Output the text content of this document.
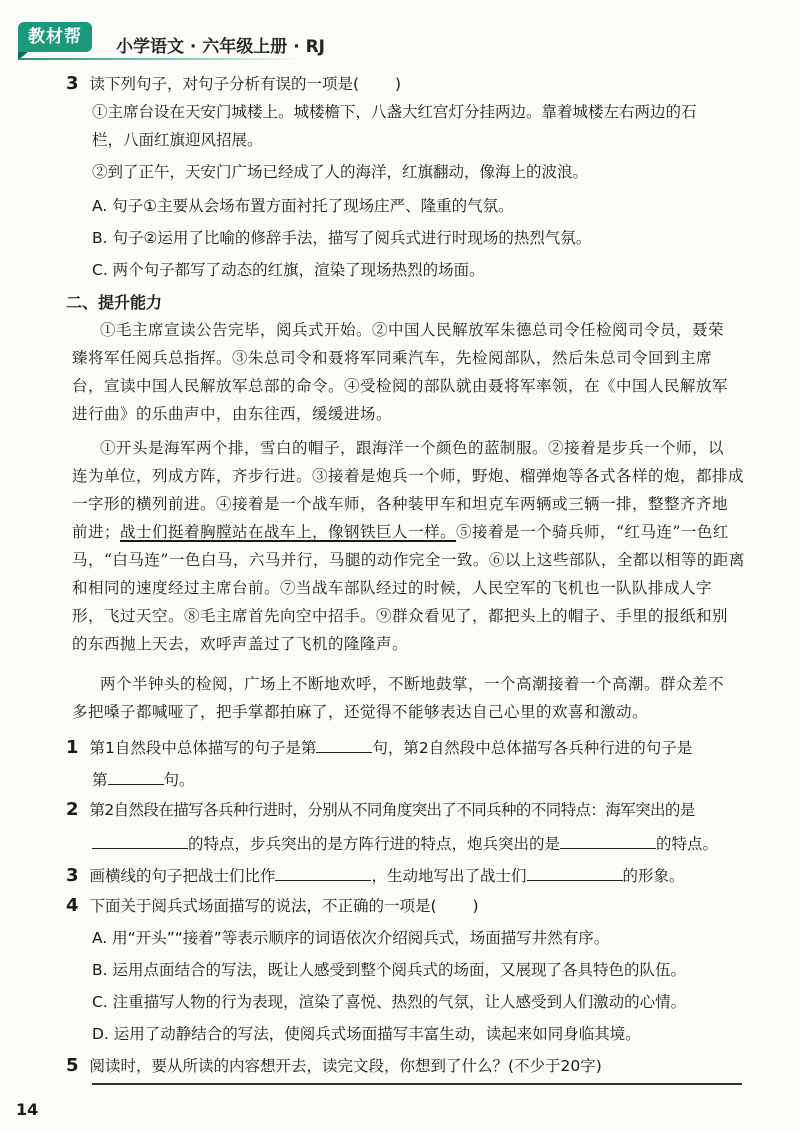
教材帮	小学语文 · 六年级上册 · RJ
3 读下列句子，对句子分析有误的一项是( )
①主席台设在天安门城楼上。城楼檐下，八盏大红宫灯分挂两边。靠着城楼左右两边的石
栏，八面红旗迎风招展。
②到了正午，天安门广场已经成了人的海洋，红旗翻动，像海上的波浪。
A. 句子①主要从会场布置方面衬托了现场庄严、隆重的气氛。
B. 句子②运用了比喻的修辞手法，描写了阅兵式进行时现场的热烈气氛。
C. 两个句子都写了动态的红旗，渲染了现场热烈的场面。
二、提升能力
①毛主席宣读公告完毕，阅兵式开始。②中国人民解放军朱德总司令任检阅司令员，聂荣
臻将军任阅兵总指挥。③朱总司令和聂将军同乘汽车，先检阅部队，然后朱总司令回到主席
台，宣读中国人民解放军总部的命令。④受检阅的部队就由聂将军率领，在《中国人民解放军
进行曲》的乐曲声中，由东往西，缓缓进场。
①开头是海军两个排，雪白的帽子，跟海洋一个颜色的蓝制服。②接着是步兵一个师，以
连为单位，列成方阵，齐步行进。③接着是炮兵一个师，野炮、榴弹炮等各式各样的炮，都排成
一字形的横列前进。④接着是一个战车师，各种装甲车和坦克车两辆或三辆一排，整整齐齐地
前进；战士们挺着胸膛站在战车上，像钢铁巨人一样。⑤接着是一个骑兵师，“红马连”一色红
马，“白马连”一色白马，六马并行，马腿的动作完全一致。⑥以上这些部队，全都以相等的距离
和相同的速度经过主席台前。⑦当战车部队经过的时候，人民空军的飞机也一队队排成人字
形，飞过天空。⑧毛主席首先向空中招手。⑨群众看见了，都把头上的帽子、手里的报纸和别
的东西抛上天去，欢呼声盖过了飞机的隆隆声。
两个半钟头的检阅，广场上不断地欢呼，不断地鼓掌，一个高潮接着一个高潮。群众差不
多把嗓子都喊哑了，把手掌都拍麻了，还觉得不能够表达自己心里的欢喜和激动。
1 第1自然段中总体描写的句子是第	句，第2自然段中总体描写各兵种行进的句子是
第	句。
2 第2自然段在描写各兵种行进时，分别从不同角度突出了不同兵种的不同特点：海军突出的是
的特点，步兵突出的是方阵行进的特点，炮兵突出的是	的特点。
3 画横线的句子把战士们比作	，生动地写出了战士们	的形象。
4 下面关于阅兵式场面描写的说法，不正确的一项是( )
A. 用“开头”“接着”等表示顺序的词语依次介绍阅兵式，场面描写井然有序。
B. 运用点面结合的写法，既让人感受到整个阅兵式的场面，又展现了各具特色的队伍。
C. 注重描写人物的行为表现，渲染了喜悦、热烈的气氛，让人感受到人们激动的心情。
D. 运用了动静结合的写法，使阅兵式场面描写丰富生动，读起来如同身临其境。
5 阅读时，要从所读的内容想开去，读完文段，你想到了什么？(不少于20字)
14
